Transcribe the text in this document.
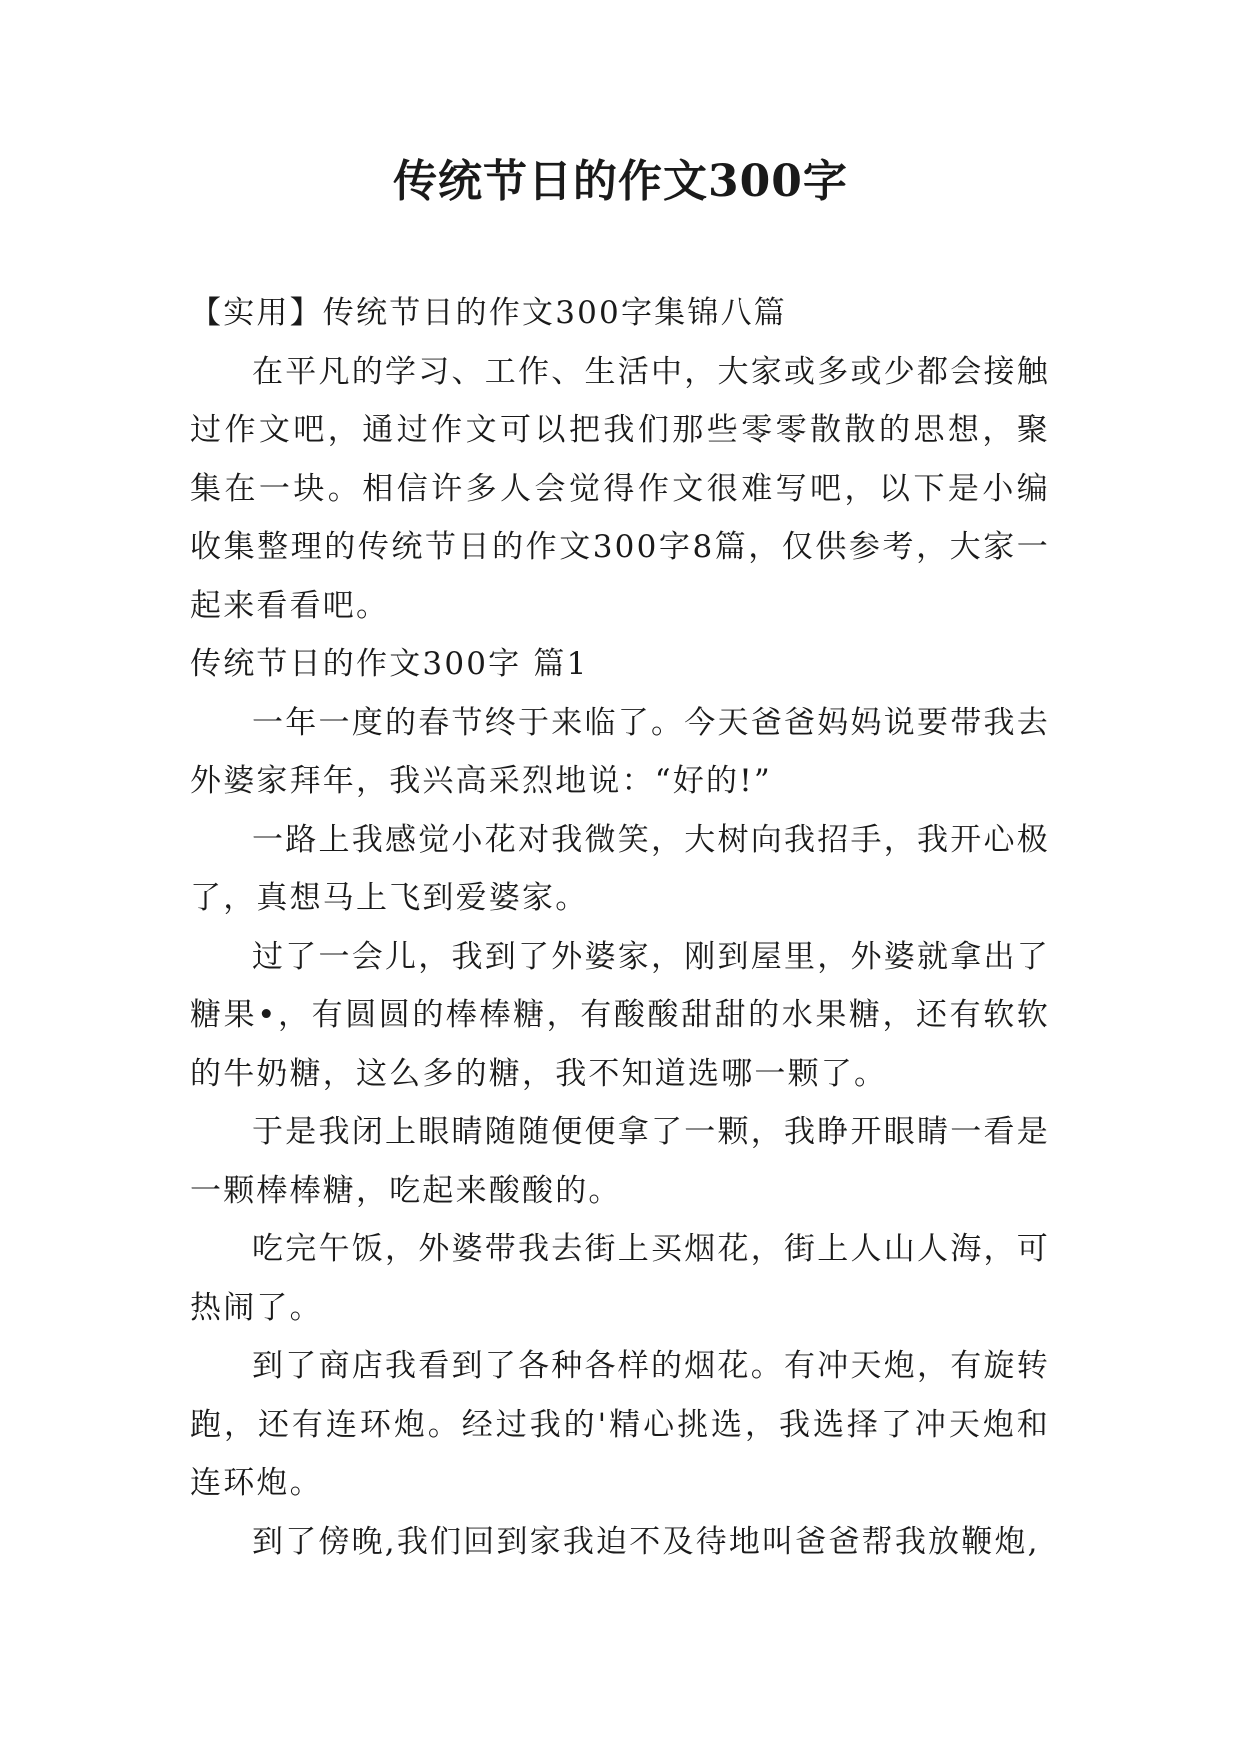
传统节日的作文300字

【实用】传统节日的作文300字集锦八篇

在平凡的学习、工作、生活中，大家或多或少都会接触过作文吧，通过作文可以把我们那些零零散散的思想，聚集在一块。相信许多人会觉得作文很难写吧，以下是小编收集整理的传统节日的作文300字8篇，仅供参考，大家一起来看看吧。

传统节日的作文300字 篇1

一年一度的春节终于来临了。今天爸爸妈妈说要带我去外婆家拜年，我兴高采烈地说：“好的!”

一路上我感觉小花对我微笑，大树向我招手，我开心极了，真想马上飞到爱婆家。

过了一会儿，我到了外婆家，刚到屋里，外婆就拿出了糖果•，有圆圆的棒棒糖，有酸酸甜甜的水果糖，还有软软的牛奶糖，这么多的糖，我不知道选哪一颗了。

于是我闭上眼睛随随便便拿了一颗，我睁开眼睛一看是一颗棒棒糖，吃起来酸酸的。

吃完午饭，外婆带我去街上买烟花，街上人山人海，可热闹了。

到了商店我看到了各种各样的烟花。有冲天炮，有旋转跑，还有连环炮。经过我的'精心挑选，我选择了冲天炮和连环炮。

到了傍晚,我们回到家我迫不及待地叫爸爸帮我放鞭炮,
